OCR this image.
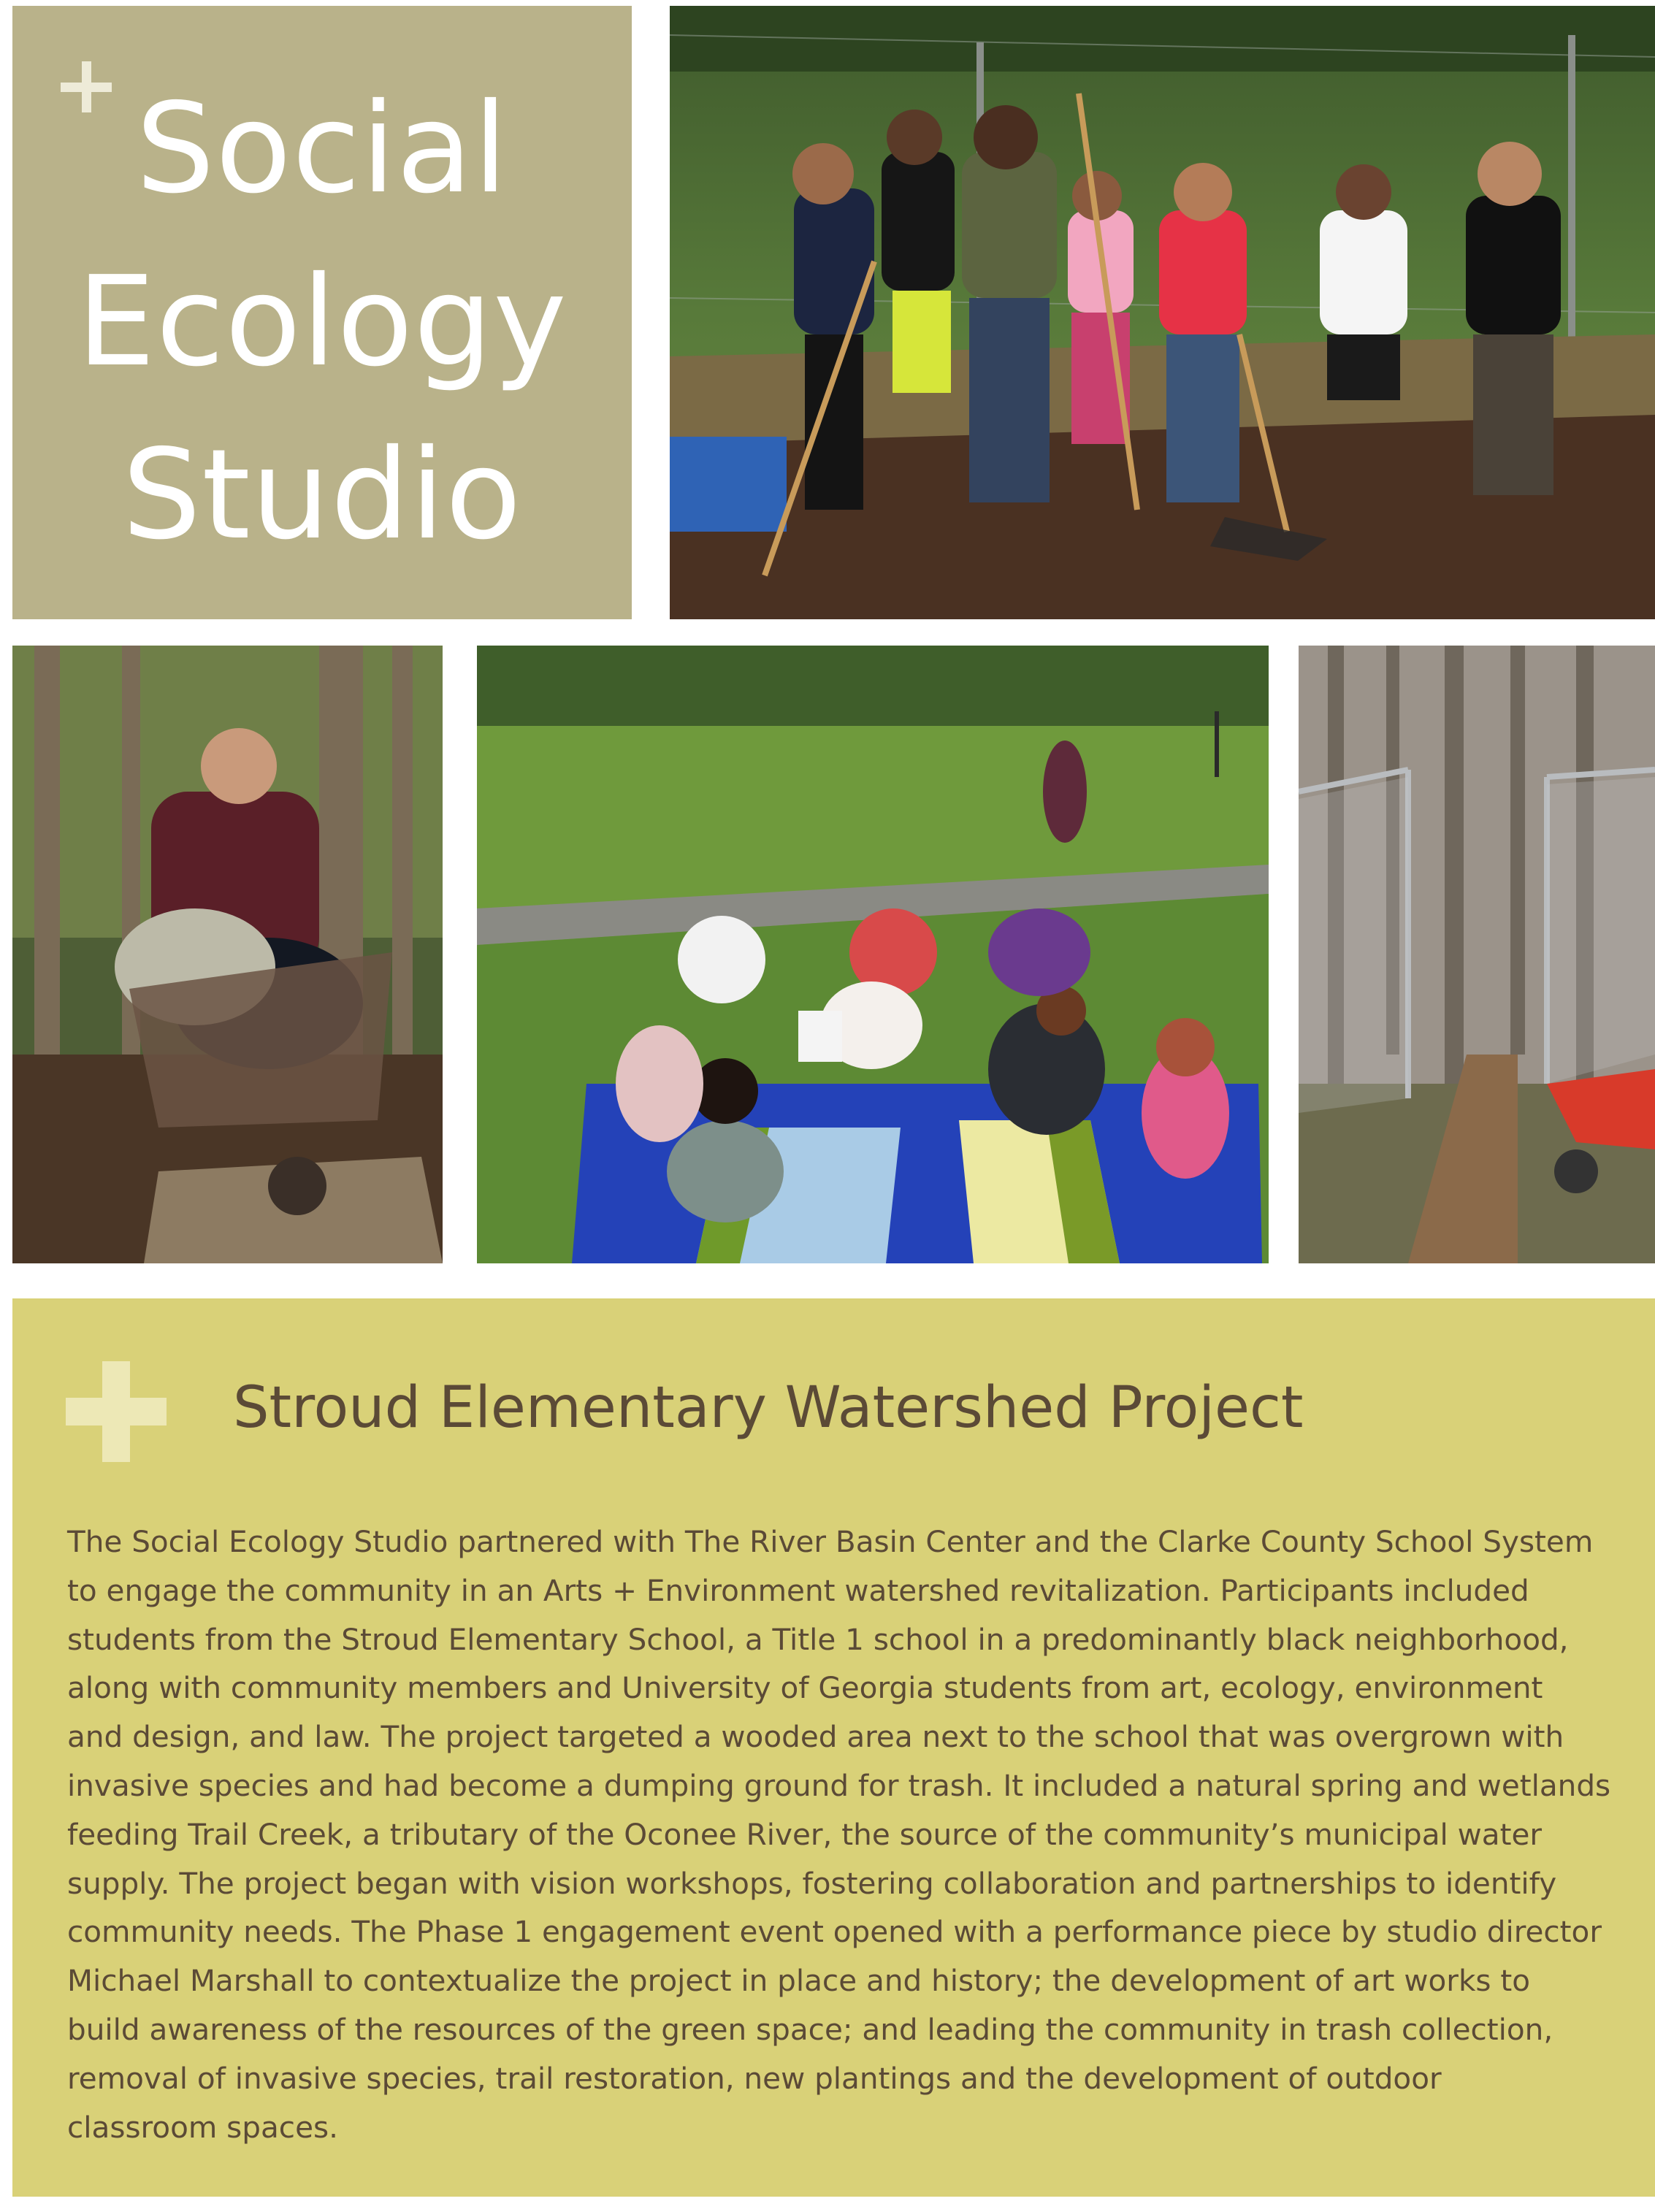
Social
Ecology
Studio
Stroud Elementary Watershed Project
The Social Ecology Studio partnered with The River Basin Center and the Clarke County School System
to engage the community in an Arts + Environment watershed revitalization. Participants included
students from the Stroud Elementary School, a Title 1 school in a predominantly black neighborhood,
along with community members and University of Georgia students from art, ecology, environment
and design, and law. The project targeted a wooded area next to the school that was overgrown with
invasive species and had become a dumping ground for trash. It included a natural spring and wetlands
feeding Trail Creek, a tributary of the Oconee River, the source of the community’s municipal water
supply. The project began with vision workshops, fostering collaboration and partnerships to identify
community needs. The Phase 1 engagement event opened with a performance piece by studio director
Michael Marshall to contextualize the project in place and history; the development of art works to
build awareness of the resources of the green space; and leading the community in trash collection,
removal of invasive species, trail restoration, new plantings and the development of outdoor
classroom spaces.
